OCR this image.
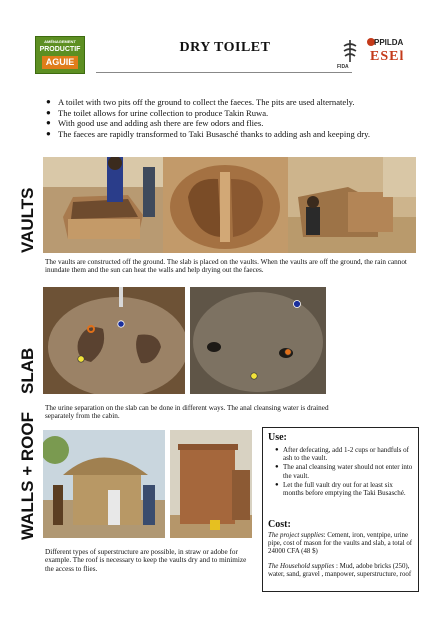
AMÉNAGEMENT
PRODUCTIF
AGUIE
DRY TOILET
FIDA
PPILDA
ESEl
● A toilet with two pits off the ground to collect the faeces. The pits are used alternately.
● The toilet allows for urine collection to produce Takin Ruwa.
● With good use and adding ash there are few odors and flies.
● The faeces are rapidly transformed to Taki Busasché thanks to adding ash and keeping dry.
VAULTS
The vaults are constructed off the ground. The slab is placed on the vaults. When the vaults are off the ground, the rain cannot inundate them and the sun can heat the walls and help drying out the faeces.
SLAB
The urine separation on the slab can be done in different ways. The anal cleansing water is drained separately from the cabin.
WALLS + ROOF
Different types of superstructure are possible, in straw or adobe for example. The roof is necessary to keep the vaults dry and to minimize the access to flies.
Use:
● After defecating, add 1-2 cups or handfuls of ash to the vault.
● The anal cleansing water should not enter into the vault.
● Let the full vault dry out for at least six months before emptying the Taki Busasché.
Cost:
The project supplies: Cement, iron, ventpipe, urine pipe, cost of mason for the vaults and slab, a total of 24000 CFA (48 $)
The Household supplies : Mud, adobe bricks (250), water, sand, gravel , manpower, superstructure, roof
